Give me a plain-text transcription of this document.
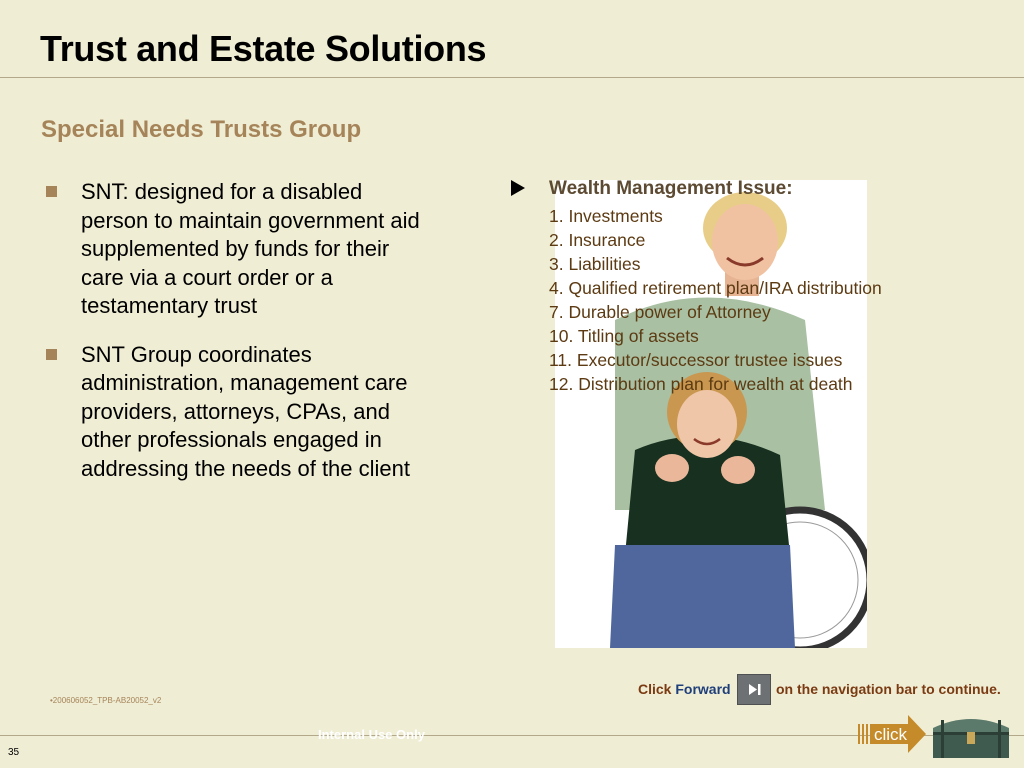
Trust and Estate Solutions
Special Needs Trusts Group
SNT: designed for a disabled person to maintain government aid supplemented by funds for their care via a court order or a testamentary trust
SNT Group coordinates administration, management care providers, attorneys, CPAs, and other professionals engaged in addressing the needs of the client
Wealth Management Issue:
1. Investments
2. Insurance
3. Liabilities
4. Qualified retirement plan/IRA distribution
7. Durable power of Attorney
10. Titling of assets
11. Executor/successor trustee issues
12. Distribution plan for wealth at death
•200606052_TPB-AB20052_v2
Click Forward	on the navigation bar to continue.
Internal Use Only
35
click
